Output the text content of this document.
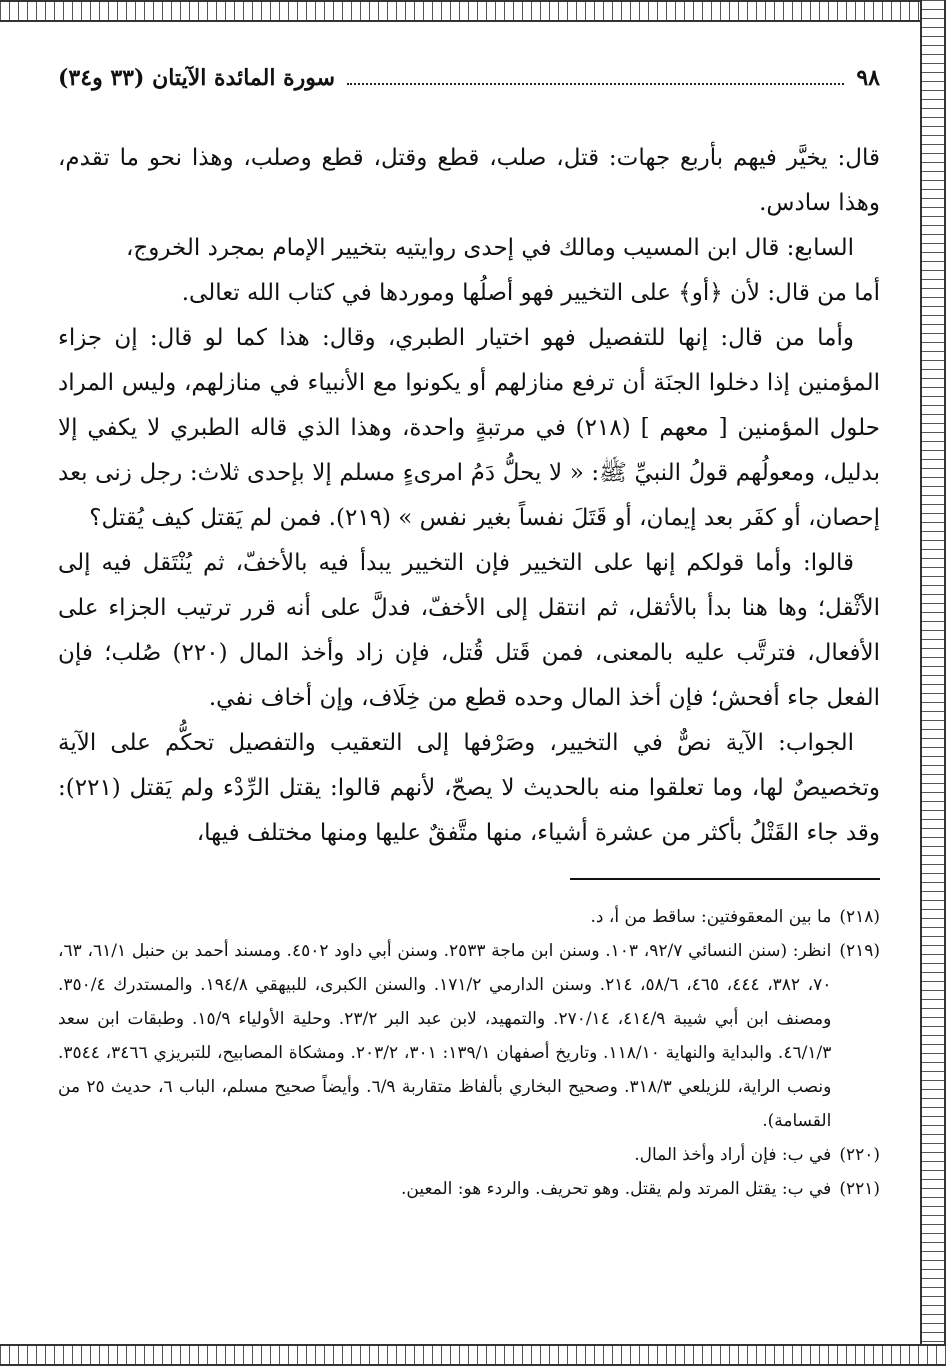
٩٨
سورة المائدة الآيتان (٣٣ و٣٤)

قال: يخيَّر فيهم بأربع جهات: قتل، صلب، قطع وقتل، قطع وصلب، وهذا نحو ما تقدم، وهذا سادس.

السابع: قال ابن المسيب ومالك في إحدى روايتيه بتخيير الإمام بمجرد الخروج،

أما من قال: لأن ﴿أو﴾ على التخيير فهو أصلُها وموردها في كتاب الله تعالى.

وأما من قال: إنها للتفصيل فهو اختيار الطبري، وقال: هذا كما لو قال: إن جزاء المؤمنين إذا دخلوا الجنَة أن ترفع منازلهم أو يكونوا مع الأنبياء في منازلهم، وليس المراد حلول المؤمنين [ معهم ] (٢١٨) في مرتبةٍ واحدة، وهذا الذي قاله الطبري لا يكفي إلا بدليل، ومعولُهم قولُ النبيِّ ﷺ: « لا يحلُّ دَمُ امرىءٍ مسلم إلا بإحدى ثلاث: رجل زنى بعد إحصان، أو كفَر بعد إيمان، أو قَتَلَ نفساً بغير نفس » (٢١٩). فمن لم يَقتل كيف يُقتل؟

قالوا: وأما قولكم إنها على التخيير فإن التخيير يبدأ فيه بالأخفّ، ثم يُنْتَقل فيه إلى الأثْقل؛ وها هنا بدأ بالأثقل، ثم انتقل إلى الأخفّ، فدلَّ على أنه قرر ترتيب الجزاء على الأفعال، فترتَّب عليه بالمعنى، فمن قَتل قُتل، فإن زاد وأخذ المال (٢٢٠) صُلب؛ فإن الفعل جاء أفحش؛ فإن أخذ المال وحده قطع من خِلَاف، وإن أخاف نفي.

الجواب: الآية نصٌّ في التخيير، وصَرْفها إلى التعقيب والتفصيل تحكُّم على الآية وتخصيصٌ لها، وما تعلقوا منه بالحديث لا يصحّ، لأنهم قالوا: يقتل الرِّدْء ولم يَقتل (٢٢١): وقد جاء القَتْلُ بأكثر من عشرة أشياء، منها متَّفقٌ عليها ومنها مختلف فيها،

(٢١٨)
ما بين المعقوفتين: ساقط من أ، د.
(٢١٩)
انظر: (سنن النسائي ٩٢/٧، ١٠٣. وسنن ابن ماجة ٢٥٣٣. وسنن أبي داود ٤٥٠٢. ومسند أحمد بن حنبل ٦١/١، ٦٣، ٧٠، ٣٨٢، ٤٤٤، ٤٦٥، ٥٨/٦، ٢١٤. وسنن الدارمي ١٧١/٢. والسنن الكبرى، للبيهقي ١٩٤/٨. والمستدرك ٣٥٠/٤. ومصنف ابن أبي شيبة ٤١٤/٩، ٢٧٠/١٤. والتمهيد، لابن عبد البر ٢٣/٢. وحلية الأولياء ١٥/٩. وطبقات ابن سعد ٤٦/١/٣. والبداية والنهاية ١١٨/١٠. وتاريخ أصفهان ١٣٩/١: ٣٠١، ٢٠٣/٢. ومشكاة المصابيح، للتبريزي ٣٤٦٦، ٣٥٤٤. ونصب الراية، للزيلعي ٣١٨/٣. وصحيح البخاري بألفاظ متقاربة ٦/٩. وأيضاً صحيح مسلم، الباب ٦، حديث ٢٥ من القسامة).
(٢٢٠)
في ب: فإن أراد وأخذ المال.
(٢٢١)
في ب: يقتل المرتد ولم يقتل. وهو تحريف. والردء هو: المعين.
